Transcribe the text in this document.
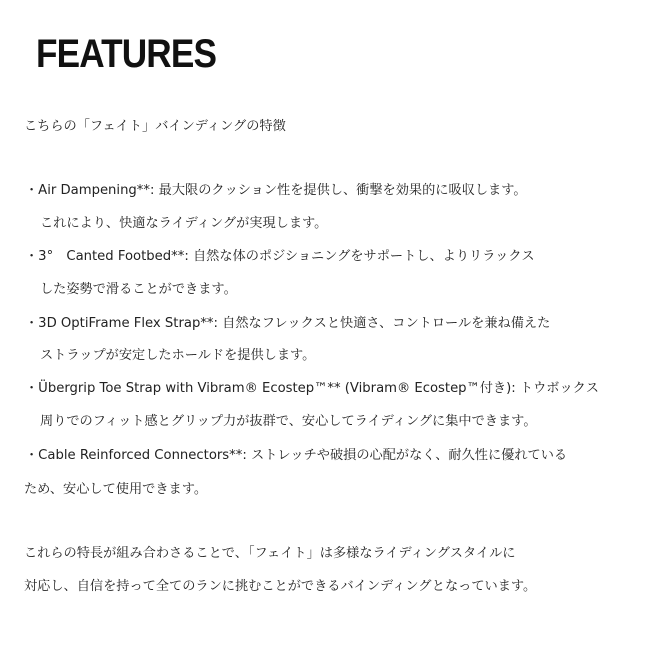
FEATURES
こちらの「フェイト」バインディングの特徴
・Air Dampening**: 最大限のクッション性を提供し、衝撃を効果的に吸収します。
これにより、快適なライディングが実現します。
・3°　Canted Footbed**: 自然な体のポジショニングをサポートし、よりリラックス
した姿勢で滑ることができます。
・3D OptiFrame Flex Strap**: 自然なフレックスと快適さ、コントロールを兼ね備えた
ストラップが安定したホールドを提供します。
・Übergrip Toe Strap with Vibram® Ecostep™** (Vibram® Ecostep™付き): トウボックス
周りでのフィット感とグリップ力が抜群で、安心してライディングに集中できます。
・Cable Reinforced Connectors**: ストレッチや破損の心配がなく、耐久性に優れている
ため、安心して使用できます。
これらの特長が組み合わさることで、「フェイト」は多様なライディングスタイルに
対応し、自信を持って全てのランに挑むことができるバインディングとなっています。
